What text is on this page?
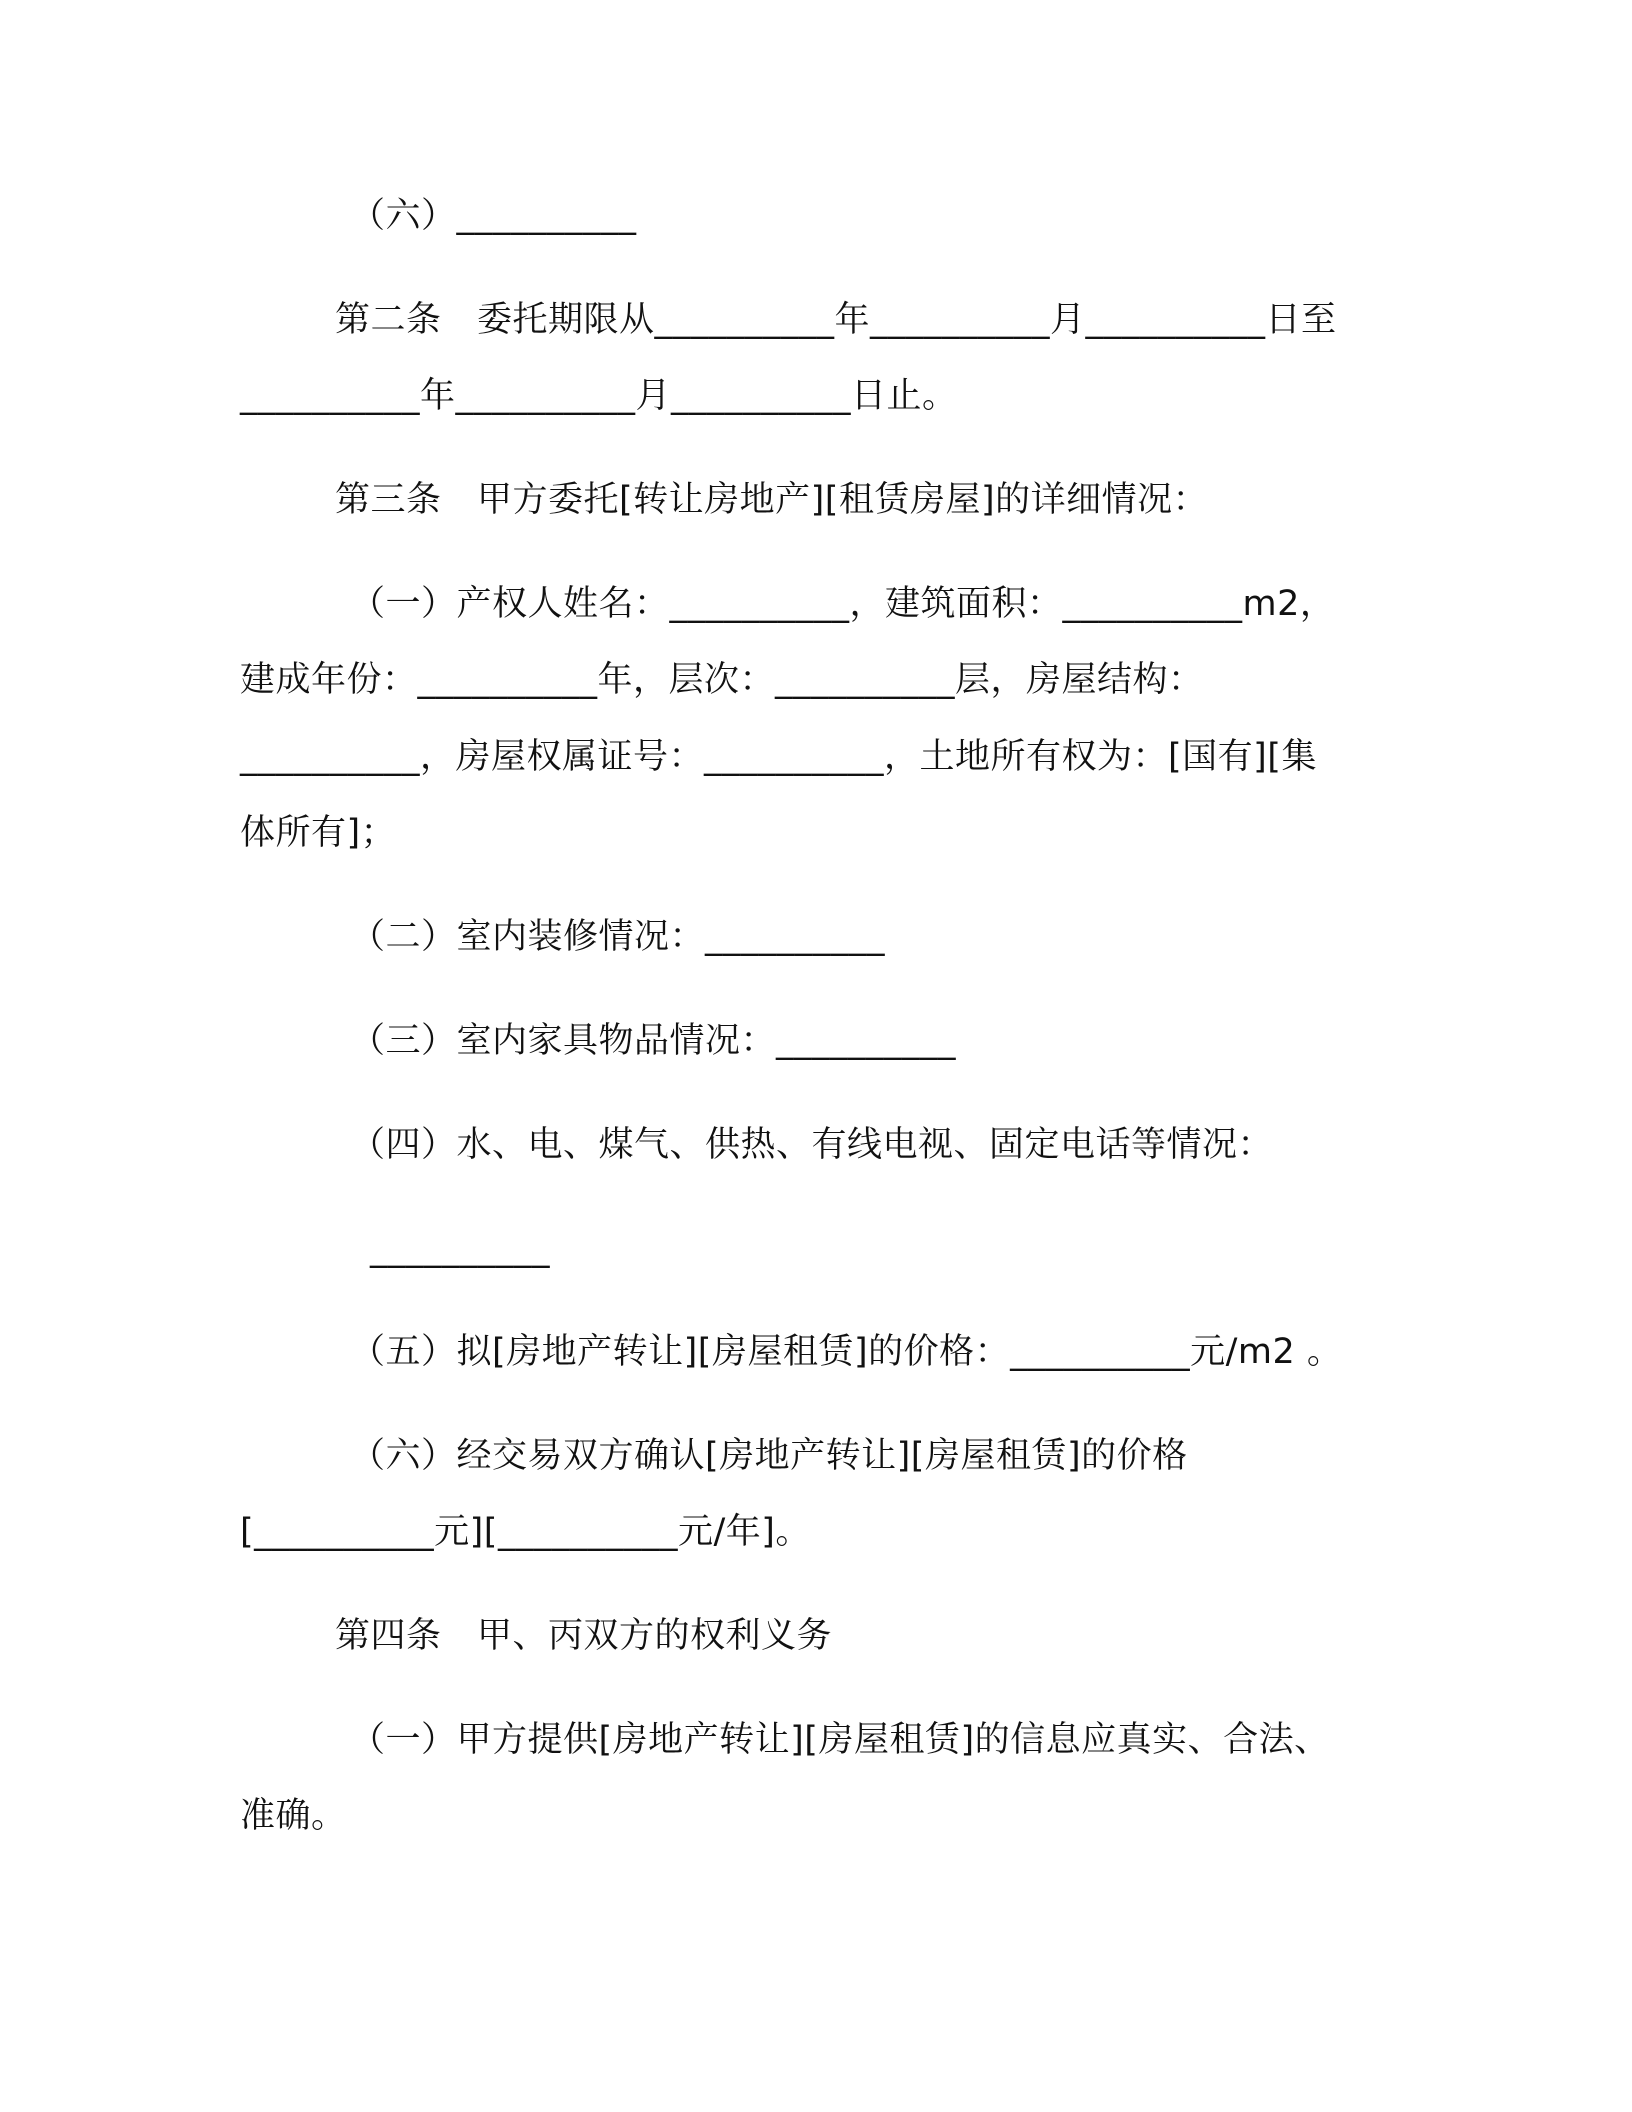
（六）__________
第二条　委托期限从__________年__________月__________日至
__________年__________月__________日止。
第三条　甲方委托[转让房地产][租赁房屋]的详细情况：
（一）产权人姓名：__________，建筑面积：__________m2，
建成年份：__________年，层次：__________层，房屋结构：
__________，房屋权属证号：__________，土地所有权为：[国有][集
体所有]；
（二）室内装修情况：__________
（三）室内家具物品情况：__________
（四）水、电、煤气、供热、有线电视、固定电话等情况：
__________
（五）拟[房地产转让][房屋租赁]的价格：__________元/m2 。
（六）经交易双方确认[房地产转让][房屋租赁]的价格
[__________元][__________元/年]。
第四条　甲、丙双方的权利义务
（一）甲方提供[房地产转让][房屋租赁]的信息应真实、合法、
准确。
